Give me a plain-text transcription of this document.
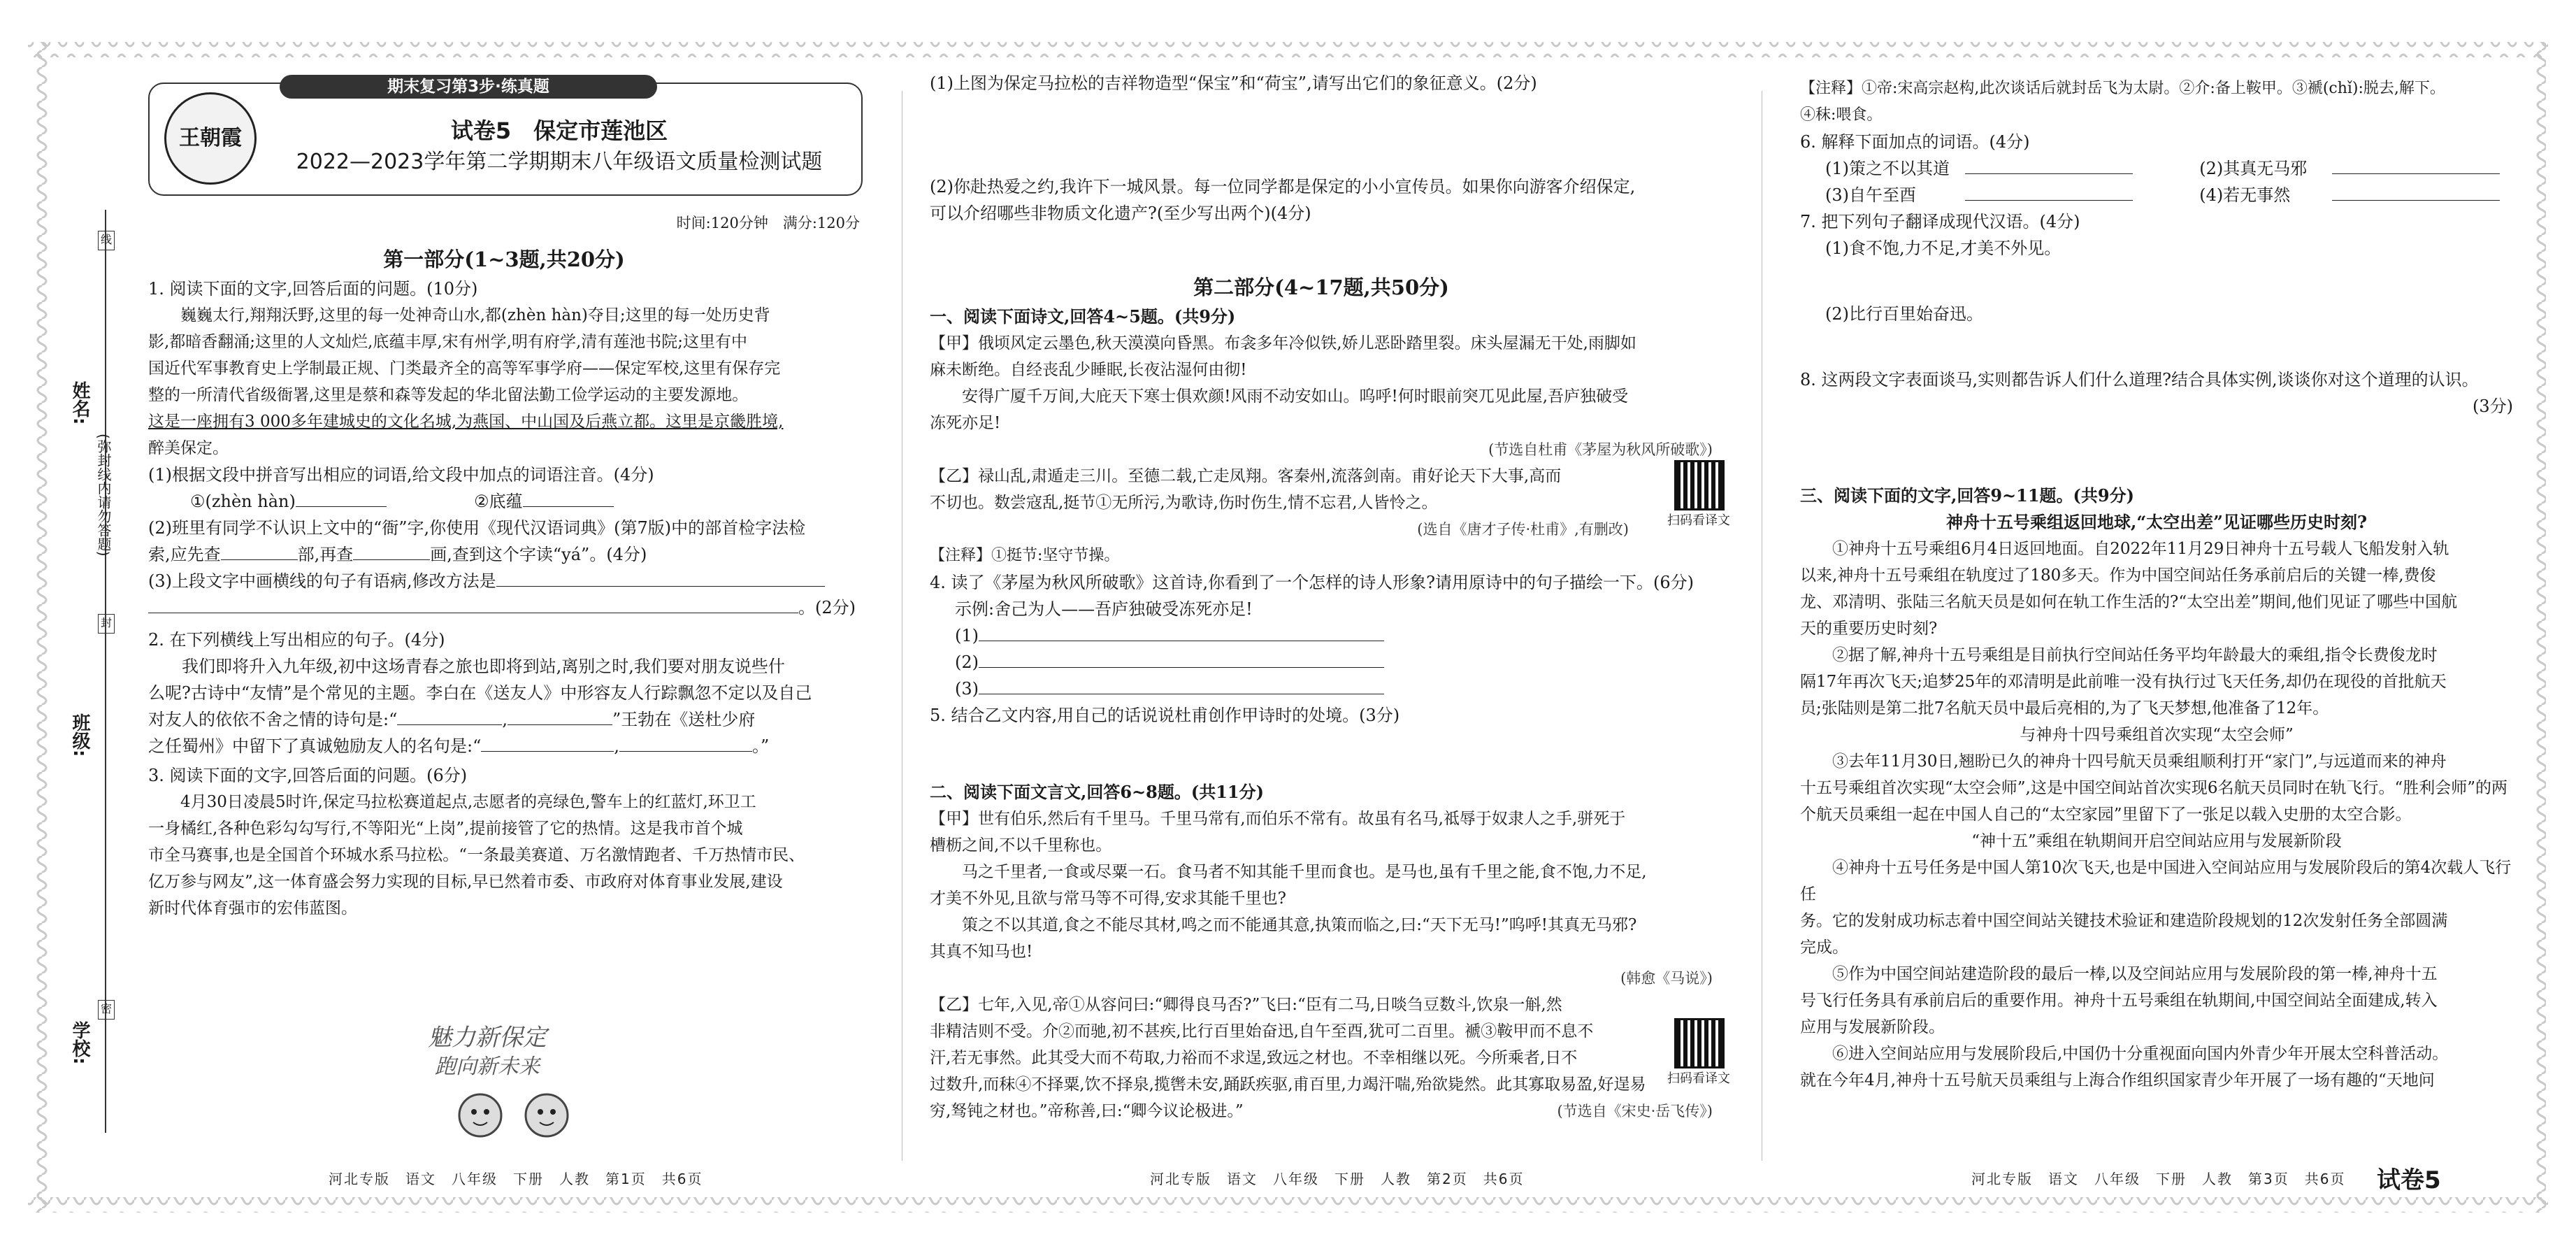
线
封
密
姓名:
班级:
学校:
(弥封线内请勿答题)
期末复习第3步·练真题
王朝霞	试卷5　保定市莲池区
2022—2023学年第二学期期末八年级语文质量检测试题

时间:120分钟　满分:120分

第一部分(1~3题,共20分)

1. 阅读下面的文字,回答后面的问题。(10分)

巍巍太行,翔翔沃野,这里的每一处神奇山水,都(zhèn hàn)夺目;这里的每一处历史背

影,都暗香翻涌;这里的人文灿烂,底蕴丰厚,宋有州学,明有府学,清有莲池书院;这里有中

国近代军事教育史上学制最正规、门类最齐全的高等军事学府——保定军校,这里有保存完

整的一所清代省级衙署,这里是蔡和森等发起的华北留法勤工俭学运动的主要发源地。

这是一座拥有3 000多年建城史的文化名城,为燕国、中山国及后燕立都。这里是京畿胜境,

醉美保定。

(1)根据文段中拼音写出相应的词语,给文段中加点的词语注音。(4分)

①(zhèn hàn)	②底蕴

(2)班里有同学不认识上文中的“衙”字,你使用《现代汉语词典》(第7版)中的部首检字法检

索,应先查	部,再查	画,查到这个字读“yá”。(4分)

(3)上段文字中画横线的句子有语病,修改方法是

。(2分)

2. 在下列横线上写出相应的句子。(4分)

我们即将升入九年级,初中这场青春之旅也即将到站,离别之时,我们要对朋友说些什

么呢?古诗中“友情”是个常见的主题。李白在《送友人》中形容友人行踪飘忽不定以及自己

对友人的依依不舍之情的诗句是:“	,	”王勃在《送杜少府

之任蜀州》中留下了真诚勉励友人的名句是:“	,	。”

3. 阅读下面的文字,回答后面的问题。(6分)

4月30日凌晨5时许,保定马拉松赛道起点,志愿者的亮绿色,警车上的红蓝灯,环卫工

一身橘红,各种色彩勾勾写行,不等阳光“上岗”,提前接管了它的热情。这是我市首个城

市全马赛事,也是全国首个环城水系马拉松。“一条最美赛道、万名激情跑者、千万热情市民、

亿万参与网友”,这一体育盛会努力实现的目标,早已然着市委、市政府对体育事业发展,建设

新时代体育强市的宏伟蓝图。

魅力新保定
跑向新未来
河北专版　语文　八年级　下册　人教　第1页　共6页

(1)上图为保定马拉松的吉祥物造型“保宝”和“荷宝”,请写出它们的象征意义。(2分)

(2)你赴热爱之约,我许下一城风景。每一位同学都是保定的小小宣传员。如果你向游客介绍保定,

可以介绍哪些非物质文化遗产?(至少写出两个)(4分)

第二部分(4~17题,共50分)

一、阅读下面诗文,回答4~5题。(共9分)

【甲】俄顷风定云墨色,秋天漠漠向昏黑。布衾多年冷似铁,娇儿恶卧踏里裂。床头屋漏无干处,雨脚如

麻未断绝。自经丧乱少睡眠,长夜沾湿何由彻!

安得广厦千万间,大庇天下寒士俱欢颜!风雨不动安如山。呜呼!何时眼前突兀见此屋,吾庐独破受

冻死亦足!

(节选自杜甫《茅屋为秋风所破歌》)

【乙】禄山乱,肃遁走三川。至德二载,亡走凤翔。客秦州,流落剑南。甫好论天下大事,高而

不切也。数尝寇乱,挺节①无所污,为歌诗,伤时伤生,情不忘君,人皆怜之。

(选自《唐才子传·杜甫》,有删改)

【注释】①挺节:坚守节操。

4. 读了《茅屋为秋风所破歌》这首诗,你看到了一个怎样的诗人形象?请用原诗中的句子描绘一下。(6分)

示例:舍己为人——吾庐独破受冻死亦足!

(1)

(2)

(3)

5. 结合乙文内容,用自己的话说说杜甫创作甲诗时的处境。(3分)

二、阅读下面文言文,回答6~8题。(共11分)

【甲】世有伯乐,然后有千里马。千里马常有,而伯乐不常有。故虽有名马,祗辱于奴隶人之手,骈死于

槽枥之间,不以千里称也。

马之千里者,一食或尽粟一石。食马者不知其能千里而食也。是马也,虽有千里之能,食不饱,力不足,

才美不外见,且欲与常马等不可得,安求其能千里也?

策之不以其道,食之不能尽其材,鸣之而不能通其意,执策而临之,曰:“天下无马!”呜呼!其真无马邪?

其真不知马也!

(韩愈《马说》)

【乙】七年,入见,帝①从容问曰:“卿得良马否?”飞曰:“臣有二马,日啖刍豆数斗,饮泉一斛,然

非精洁则不受。介②而驰,初不甚疾,比行百里始奋迅,自午至酉,犹可二百里。褫③鞍甲而不息不

汗,若无事然。此其受大而不苟取,力裕而不求逞,致远之材也。不幸相继以死。今所乘者,日不

过数升,而秣④不择粟,饮不择泉,揽辔未安,踊跃疾驱,甫百里,力竭汗喘,殆欲毙然。此其寡取易盈,好逞易

穷,驽钝之材也。”帝称善,曰:“卿今议论极进。”	(节选自《宋史·岳飞传》)

扫码看译文
扫码看译文
河北专版　语文　八年级　下册　人教　第2页　共6页

【注释】①帝:宋高宗赵构,此次谈话后就封岳飞为太尉。②介:备上鞍甲。③褫(chǐ):脱去,解下。

④秣:喂食。

6. 解释下面加点的词语。(4分)

(1)策之不以其道	(2)其真无马邪

(3)自午至酉	(4)若无事然

7. 把下列句子翻译成现代汉语。(4分)

(1)食不饱,力不足,才美不外见。

(2)比行百里始奋迅。

8. 这两段文字表面谈马,实则都告诉人们什么道理?结合具体实例,谈谈你对这个道理的认识。

(3分)

三、阅读下面的文字,回答9~11题。(共9分)

神舟十五号乘组返回地球,“太空出差”见证哪些历史时刻?

①神舟十五号乘组6月4日返回地面。自2022年11月29日神舟十五号载人飞船发射入轨

以来,神舟十五号乘组在轨度过了180多天。作为中国空间站任务承前启后的关键一棒,费俊

龙、邓清明、张陆三名航天员是如何在轨工作生活的?“太空出差”期间,他们见证了哪些中国航

天的重要历史时刻?

②据了解,神舟十五号乘组是目前执行空间站任务平均年龄最大的乘组,指令长费俊龙时

隔17年再次飞天;追梦25年的邓清明是此前唯一没有执行过飞天任务,却仍在现役的首批航天

员;张陆则是第二批7名航天员中最后亮相的,为了飞天梦想,他准备了12年。

与神舟十四号乘组首次实现“太空会师”

③去年11月30日,翘盼已久的神舟十四号航天员乘组顺利打开“家门”,与远道而来的神舟

十五号乘组首次实现“太空会师”,这是中国空间站首次实现6名航天员同时在轨飞行。“胜利会师”的两

个航天员乘组一起在中国人自己的“太空家园”里留下了一张足以载入史册的太空合影。

“神十五”乘组在轨期间开启空间站应用与发展新阶段

④神舟十五号任务是中国人第10次飞天,也是中国进入空间站应用与发展阶段后的第4次载人飞行任

务。它的发射成功标志着中国空间站关键技术验证和建造阶段规划的12次发射任务全部圆满

完成。

⑤作为中国空间站建造阶段的最后一棒,以及空间站应用与发展阶段的第一棒,神舟十五

号飞行任务具有承前启后的重要作用。神舟十五号乘组在轨期间,中国空间站全面建成,转入

应用与发展新阶段。

⑥进入空间站应用与发展阶段后,中国仍十分重视面向国内外青少年开展太空科普活动。

就在今年4月,神舟十五号航天员乘组与上海合作组织国家青少年开展了一场有趣的“天地问

河北专版　语文　八年级　下册　人教　第3页　共6页 试卷5
